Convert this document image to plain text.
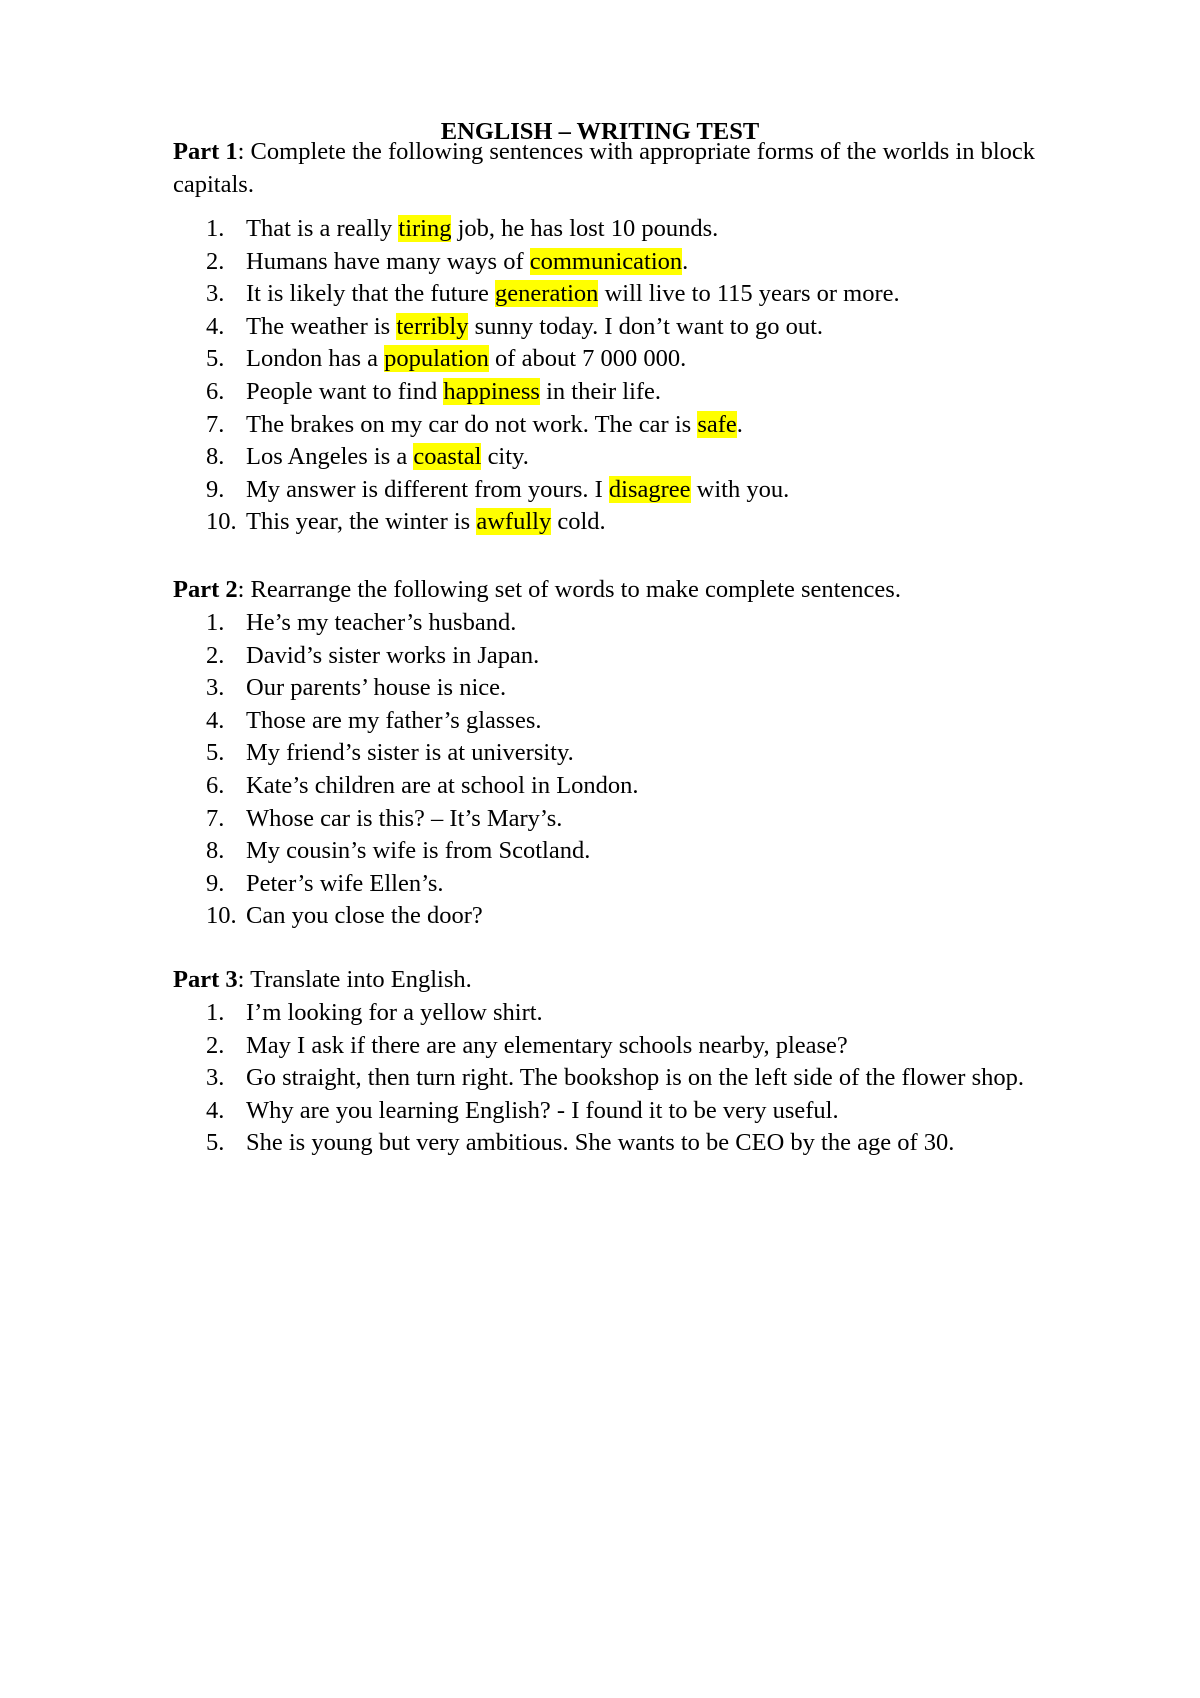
ENGLISH – WRITING TEST

Part 1: Complete the following sentences with appropriate forms of the worlds in block capitals.

1. That is a really tiring job, he has lost 10 pounds.
2. Humans have many ways of communication.
3. It is likely that the future generation will live to 115 years or more.
4. The weather is terribly sunny today. I don’t want to go out.
5. London has a population of about 7 000 000.
6. People want to find happiness in their life.
7. The brakes on my car do not work. The car is safe.
8. Los Angeles is a coastal city.
9. My answer is different from yours. I disagree with you.
10. This year, the winter is awfully cold.

Part 2: Rearrange the following set of words to make complete sentences.

1. He’s my teacher’s husband.
2. David’s sister works in Japan.
3. Our parents’ house is nice.
4. Those are my father’s glasses.
5. My friend’s sister is at university.
6. Kate’s children are at school in London.
7. Whose car is this? – It’s Mary’s.
8. My cousin’s wife is from Scotland.
9. Peter’s wife Ellen’s.
10. Can you close the door?

Part 3: Translate into English.

1. I’m looking for a yellow shirt.
2. May I ask if there are any elementary schools nearby, please?
3. Go straight, then turn right. The bookshop is on the left side of the flower shop.
4. Why are you learning English? - I found it to be very useful.
5. She is young but very ambitious. She wants to be CEO by the age of 30.
